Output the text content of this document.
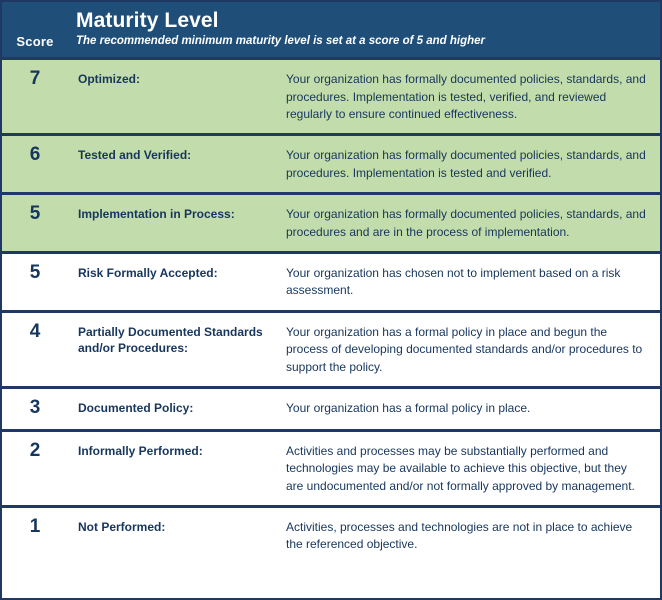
Score	Maturity Level
The recommended minimum maturity level is set at a score of 5 and higher	

7	Optimized:	Your organization has formally documented policies, standards, and procedures. Implementation is tested, verified, and reviewed regularly to ensure continued effectiveness.
6	Tested and Verified:	Your organization has formally documented policies, standards, and procedures. Implementation is tested and verified.
5	Implementation in Process:	Your organization has formally documented policies, standards, and procedures and are in the process of implementation.
5	Risk Formally Accepted:	Your organization has chosen not to implement based on a risk assessment.
4	Partially Documented Standards and/or Procedures:	Your organization has a formal policy in place and begun the process of developing documented standards and/or procedures to support the policy.
3	Documented Policy:	Your organization has a formal policy in place.
2	Informally Performed:	Activities and processes may be substantially performed and technologies may be available to achieve this objective, but they are undocumented and/or not formally approved by management.
1	Not Performed:	Activities, processes and technologies are not in place to achieve the referenced objective.
